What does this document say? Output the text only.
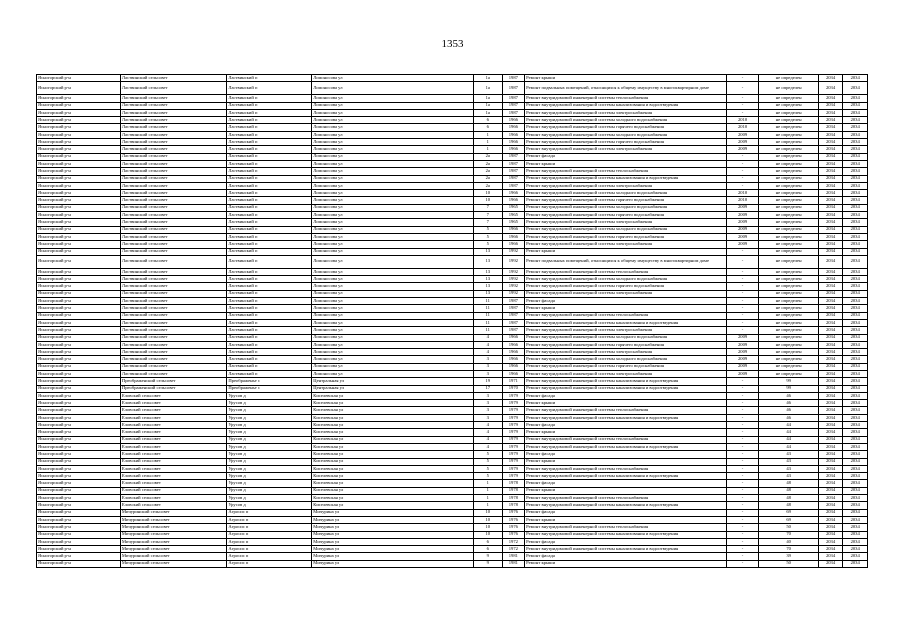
1353
Ясногорский р-н	Ластвинский сельсовет	Ластвинский п	Ломоносова ул	1а	1987	Ремонт крыши	-	не определен	2034	2034
Ясногорский р-н	Ластвинский сельсовет	Ластвинский п	Ломоносова ул	1а	1987	Ремонт подвальных помещений, относящихся к общему имуществу в многоквартирном доме	-	не определен	2034	2034
Ясногорский р-н	Ластвинский сельсовет	Ластвинский п	Ломоносова ул	1а	1987	Ремонт внутридомовой инженерной системы теплоснабжения	-	не определен	2034	2034
Ясногорский р-н	Ластвинский сельсовет	Ластвинский п	Ломоносова ул	1а	1987	Ремонт внутридомовой инженерной системы канализования и водоотведения	-	не определен	2034	2034
Ясногорский р-н	Ластвинский сельсовет	Ластвинский п	Ломоносова ул	1а	1987	Ремонт внутридомовой инженерной системы электроснабжения	-	не определен	2034	2034
Ясногорский р-н	Ластвинский сельсовет	Ластвинский п	Ломоносова ул	6	1966	Ремонт внутридомовой инженерной системы холодного водоснабжения	2010	не определен	2034	2034
Ясногорский р-н	Ластвинский сельсовет	Ластвинский п	Ломоносова ул	6	1966	Ремонт внутридомовой инженерной системы горячего водоснабжения	2010	не определен	2034	2034
Ясногорский р-н	Ластвинский сельсовет	Ластвинский п	Ломоносова ул	1	1966	Ремонт внутридомовой инженерной системы холодного водоснабжения	2009	не определен	2034	2034
Ясногорский р-н	Ластвинский сельсовет	Ластвинский п	Ломоносова ул	1	1966	Ремонт внутридомовой инженерной системы горячего водоснабжения	2009	не определен	2034	2034
Ясногорский р-н	Ластвинский сельсовет	Ластвинский п	Ломоносова ул	1	1966	Ремонт внутридомовой инженерной системы электроснабжения	2009	не определен	2034	2034
Ясногорский р-н	Ластвинский сельсовет	Ластвинский п	Ломоносова ул	2а	1987	Ремонт фасада	-	не определен	2034	2034
Ясногорский р-н	Ластвинский сельсовет	Ластвинский п	Ломоносова ул	2а	1987	Ремонт крыши	-	не определен	2034	2034
Ясногорский р-н	Ластвинский сельсовет	Ластвинский п	Ломоносова ул	2а	1987	Ремонт внутридомовой инженерной системы теплоснабжения	-	не определен	2034	2034
Ясногорский р-н	Ластвинский сельсовет	Ластвинский п	Ломоносова ул	2а	1987	Ремонт внутридомовой инженерной системы канализования и водоотведения	-	не определен	2034	2034
Ясногорский р-н	Ластвинский сельсовет	Ластвинский п	Ломоносова ул	2а	1987	Ремонт внутридомовой инженерной системы электроснабжения	-	не определен	2034	2034
Ясногорский р-н	Ластвинский сельсовет	Ластвинский п	Ломоносова ул	10	1966	Ремонт внутридомовой инженерной системы холодного водоснабжения	2010	не определен	2034	2034
Ясногорский р-н	Ластвинский сельсовет	Ластвинский п	Ломоносова ул	10	1966	Ремонт внутридомовой инженерной системы горячего водоснабжения	2010	не определен	2034	2034
Ясногорский р-н	Ластвинский сельсовет	Ластвинский п	Ломоносова ул	7	1965	Ремонт внутридомовой инженерной системы холодного водоснабжения	2009	не определен	2034	2034
Ясногорский р-н	Ластвинский сельсовет	Ластвинский п	Ломоносова ул	7	1965	Ремонт внутридомовой инженерной системы горячего водоснабжения	2009	не определен	2034	2034
Ясногорский р-н	Ластвинский сельсовет	Ластвинский п	Ломоносова ул	7	1965	Ремонт внутридомовой инженерной системы электроснабжения	2009	не определен	2034	2034
Ясногорский р-н	Ластвинский сельсовет	Ластвинский п	Ломоносова ул	5	1966	Ремонт внутридомовой инженерной системы холодного водоснабжения	2009	не определен	2034	2034
Ясногорский р-н	Ластвинский сельсовет	Ластвинский п	Ломоносова ул	5	1966	Ремонт внутридомовой инженерной системы горячего водоснабжения	2009	не определен	2034	2034
Ясногорский р-н	Ластвинский сельсовет	Ластвинский п	Ломоносова ул	5	1966	Ремонт внутридомовой инженерной системы электроснабжения	2009	не определен	2034	2034
Ясногорский р-н	Ластвинский сельсовет	Ластвинский п	Ломоносова ул	13	1992	Ремонт крыши	-	не определен	2034	2034
Ясногорский р-н	Ластвинский сельсовет	Ластвинский п	Ломоносова ул	13	1992	Ремонт подвальных помещений, относящихся к общему имуществу в многоквартирном доме	-	не определен	2034	2034
Ясногорский р-н	Ластвинский сельсовет	Ластвинский п	Ломоносова ул	13	1992	Ремонт внутридомовой инженерной системы теплоснабжения	-	не определен	2034	2034
Ясногорский р-н	Ластвинский сельсовет	Ластвинский п	Ломоносова ул	13	1992	Ремонт внутридомовой инженерной системы холодного водоснабжения	-	не определен	2034	2034
Ясногорский р-н	Ластвинский сельсовет	Ластвинский п	Ломоносова ул	13	1992	Ремонт внутридомовой инженерной системы горячего водоснабжения	-	не определен	2034	2034
Ясногорский р-н	Ластвинский сельсовет	Ластвинский п	Ломоносова ул	13	1992	Ремонт внутридомовой инженерной системы электроснабжения	-	не определен	2034	2034
Ясногорский р-н	Ластвинский сельсовет	Ластвинский п	Ломоносова ул	11	1987	Ремонт фасада	-	не определен	2034	2034
Ясногорский р-н	Ластвинский сельсовет	Ластвинский п	Ломоносова ул	11	1987	Ремонт крыши	-	не определен	2034	2034
Ясногорский р-н	Ластвинский сельсовет	Ластвинский п	Ломоносова ул	11	1987	Ремонт внутридомовой инженерной системы теплоснабжения	-	не определен	2034	2034
Ясногорский р-н	Ластвинский сельсовет	Ластвинский п	Ломоносова ул	11	1987	Ремонт внутридомовой инженерной системы канализования и водоотведения	-	не определен	2034	2034
Ясногорский р-н	Ластвинский сельсовет	Ластвинский п	Ломоносова ул	11	1987	Ремонт внутридомовой инженерной системы электроснабжения	-	не определен	2034	2034
Ясногорский р-н	Ластвинский сельсовет	Ластвинский п	Ломоносова ул	4	1966	Ремонт внутридомовой инженерной системы холодного водоснабжения	2009	не определен	2034	2034
Ясногорский р-н	Ластвинский сельсовет	Ластвинский п	Ломоносова ул	4	1966	Ремонт внутридомовой инженерной системы горячего водоснабжения	2009	не определен	2034	2034
Ясногорский р-н	Ластвинский сельсовет	Ластвинский п	Ломоносова ул	4	1966	Ремонт внутридомовой инженерной системы электроснабжения	2009	не определен	2034	2034
Ясногорский р-н	Ластвинский сельсовет	Ластвинский п	Ломоносова ул	3	1966	Ремонт внутридомовой инженерной системы холодного водоснабжения	2009	не определен	2034	2034
Ясногорский р-н	Ластвинский сельсовет	Ластвинский п	Ломоносова ул	3	1966	Ремонт внутридомовой инженерной системы горячего водоснабжения	2009	не определен	2034	2034
Ясногорский р-н	Ластвинский сельсовет	Ластвинский п	Ломоносова ул	3	1966	Ремонт внутридомовой инженерной системы электроснабжения	2009	не определен	2034	2034
Ясногорский р-н	Преображенский сельсовет	Преображенье с	Центральная ул	19	1971	Ремонт внутридомовой инженерной системы канализования и водоотведения	-	99	2034	2034
Ясногорский р-н	Преображенский сельсовет	Преображенье с	Центральная ул	17	1970	Ремонт внутридомовой инженерной системы канализования и водоотведения	-	99	2034	2034
Ясногорский р-н	Еловский сельсовет	Урусов д	Киселевская ул	3	1979	Ремонт фасада	-	46	2034	2034
Ясногорский р-н	Еловский сельсовет	Урусов д	Киселевская ул	3	1979	Ремонт крыши	-	46	2034	2034
Ясногорский р-н	Еловский сельсовет	Урусов д	Киселевская ул	3	1979	Ремонт внутридомовой инженерной системы теплоснабжения	-	46	2034	2034
Ясногорский р-н	Еловский сельсовет	Урусов д	Киселевская ул	3	1979	Ремонт внутридомовой инженерной системы канализования и водоотведения	-	46	2034	2034
Ясногорский р-н	Еловский сельсовет	Урусов д	Киселевская ул	4	1979	Ремонт фасада	-	44	2034	2034
Ясногорский р-н	Еловский сельсовет	Урусов д	Киселевская ул	4	1979	Ремонт крыши	-	44	2034	2034
Ясногорский р-н	Еловский сельсовет	Урусов д	Киселевская ул	4	1979	Ремонт внутридомовой инженерной системы теплоснабжения	-	44	2034	2034
Ясногорский р-н	Еловский сельсовет	Урусов д	Киселевская ул	4	1979	Ремонт внутридомовой инженерной системы канализования и водоотведения	-	44	2034	2034
Ясногорский р-н	Еловский сельсовет	Урусов д	Киселевская ул	5	1979	Ремонт фасада	-	43	2034	2034
Ясногорский р-н	Еловский сельсовет	Урусов д	Киселевская ул	5	1979	Ремонт крыши	-	43	2034	2034
Ясногорский р-н	Еловский сельсовет	Урусов д	Киселевская ул	5	1979	Ремонт внутридомовой инженерной системы теплоснабжения	-	43	2034	2034
Ясногорский р-н	Еловский сельсовет	Урусов д	Киселевская ул	5	1979	Ремонт внутридомовой инженерной системы канализования и водоотведения	-	43	2034	2034
Ясногорский р-н	Еловский сельсовет	Урусов д	Киселевская ул	1	1978	Ремонт фасада	-	48	2034	2034
Ясногорский р-н	Еловский сельсовет	Урусов д	Киселевская ул	1	1978	Ремонт крыши	-	48	2034	2034
Ясногорский р-н	Еловский сельсовет	Урусов д	Киселевская ул	1	1978	Ремонт внутридомовой инженерной системы теплоснабжения	-	48	2034	2034
Ясногорский р-н	Еловский сельсовет	Урусов д	Киселевская ул	1	1978	Ремонт внутридомовой инженерной системы канализования и водоотведения	-	48	2034	2034
Ясногорский р-н	Мичуринский сельсовет	Агросис п	Мичурина ул	10	1976	Ремонт фасада	-	69	2034	2034
Ясногорский р-н	Мичуринский сельсовет	Агросис п	Мичурина ул	10	1976	Ремонт крыши	-	69	2034	2034
Ясногорский р-н	Мичуринский сельсовет	Агросис п	Мичурина ул	10	1976	Ремонт внутридомовой инженерной системы теплоснабжения	-	50	2034	2034
Ясногорский р-н	Мичуринский сельсовет	Агросис п	Мичурина ул	10	1976	Ремонт внутридомовой инженерной системы канализования и водоотведения	-	70	2034	2034
Ясногорский р-н	Мичуринский сельсовет	Агросис п	Мичурина ул	6	1972	Ремонт фасада	-	40	2034	2034
Ясногорский р-н	Мичуринский сельсовет	Агросис п	Мичурина ул	6	1972	Ремонт внутридомовой инженерной системы канализования и водоотведения	-	70	2034	2034
Ясногорский р-н	Мичуринский сельсовет	Агросис п	Мичурина ул	9	1981	Ремонт фасада	-	39	2034	2034
Ясногорский р-н	Мичуринский сельсовет	Агросис п	Мичурина ул	9	1981	Ремонт крыши	-	50	2034	2034
